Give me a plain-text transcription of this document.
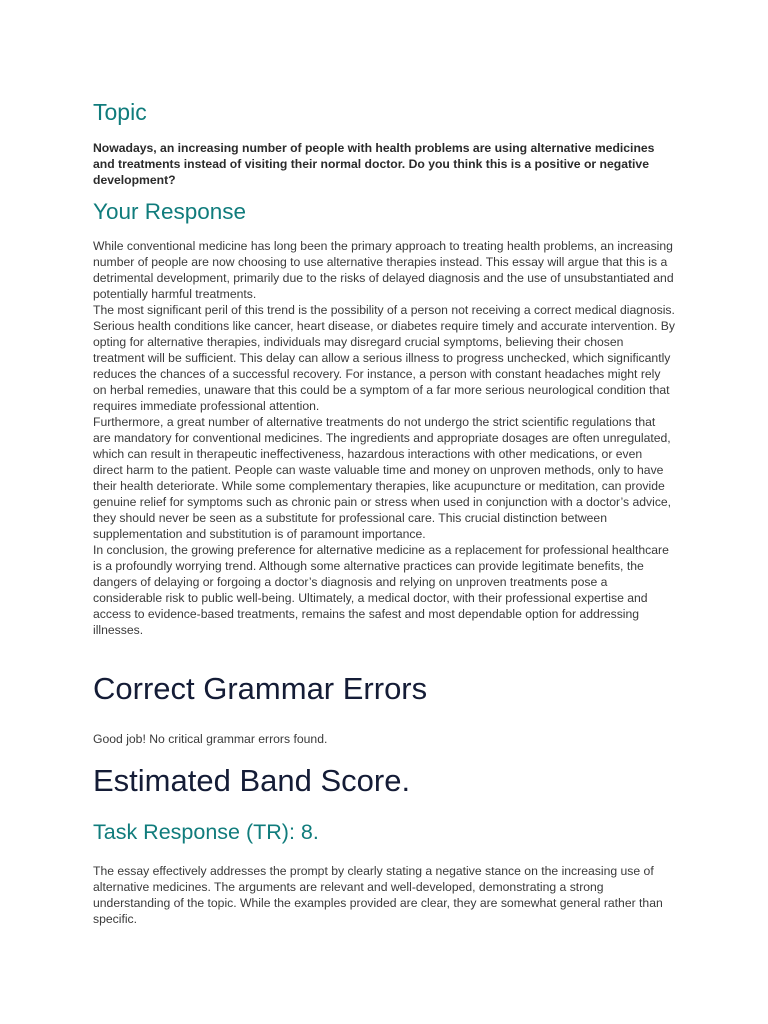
Topic

Nowadays, an increasing number of people with health problems are using alternative medicines and treatments instead of visiting their normal doctor. Do you think this is a positive or negative development?

Your Response

While conventional medicine has long been the primary approach to treating health problems, an increasing number of people are now choosing to use alternative therapies instead. This essay will argue that this is a detrimental development, primarily due to the risks of delayed diagnosis and the use of unsubstantiated and potentially harmful treatments.

The most significant peril of this trend is the possibility of a person not receiving a correct medical diagnosis. Serious health conditions like cancer, heart disease, or diabetes require timely and accurate intervention. By opting for alternative therapies, individuals may disregard crucial symptoms, believing their chosen treatment will be sufficient. This delay can allow a serious illness to progress unchecked, which significantly reduces the chances of a successful recovery. For instance, a person with constant headaches might rely on herbal remedies, unaware that this could be a symptom of a far more serious neurological condition that requires immediate professional attention.

Furthermore, a great number of alternative treatments do not undergo the strict scientific regulations that are mandatory for conventional medicines. The ingredients and appropriate dosages are often unregulated, which can result in therapeutic ineffectiveness, hazardous interactions with other medications, or even direct harm to the patient. People can waste valuable time and money on unproven methods, only to have their health deteriorate. While some complementary therapies, like acupuncture or meditation, can provide genuine relief for symptoms such as chronic pain or stress when used in conjunction with a doctor’s advice, they should never be seen as a substitute for professional care. This crucial distinction between supplementation and substitution is of paramount importance.

In conclusion, the growing preference for alternative medicine as a replacement for professional healthcare is a profoundly worrying trend. Although some alternative practices can provide legitimate benefits, the dangers of delaying or forgoing a doctor’s diagnosis and relying on unproven treatments pose a considerable risk to public well-being. Ultimately, a medical doctor, with their professional expertise and access to evidence-based treatments, remains the safest and most dependable option for addressing illnesses.

Correct Grammar Errors

Good job! No critical grammar errors found.

Estimated Band Score.
Task Response (TR): 8.

The essay effectively addresses the prompt by clearly stating a negative stance on the increasing use of alternative medicines. The arguments are relevant and well-developed, demonstrating a strong understanding of the topic. While the examples provided are clear, they are somewhat general rather than specific.
